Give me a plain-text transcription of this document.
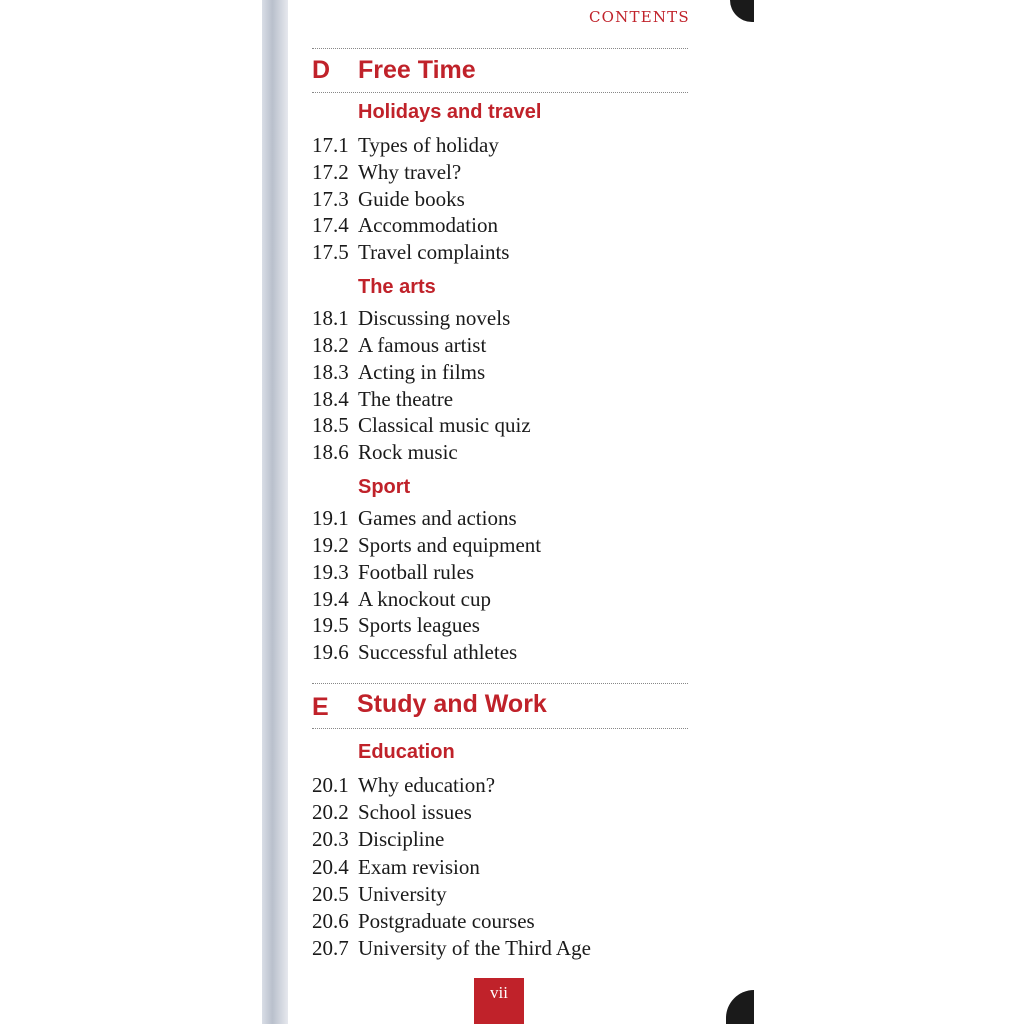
CONTENTS
D Free Time
Holidays and travel
17.1 Types of holiday
17.2 Why travel?
17.3 Guide books
17.4 Accommodation
17.5 Travel complaints
The arts
18.1 Discussing novels
18.2 A famous artist
18.3 Acting in films
18.4 The theatre
18.5 Classical music quiz
18.6 Rock music
Sport
19.1 Games and actions
19.2 Sports and equipment
19.3 Football rules
19.4 A knockout cup
19.5 Sports leagues
19.6 Successful athletes
E Study and Work
Education
20.1 Why education?
20.2 School issues
20.3 Discipline
20.4 Exam revision
20.5 University
20.6 Postgraduate courses
20.7 University of the Third Age
vii
